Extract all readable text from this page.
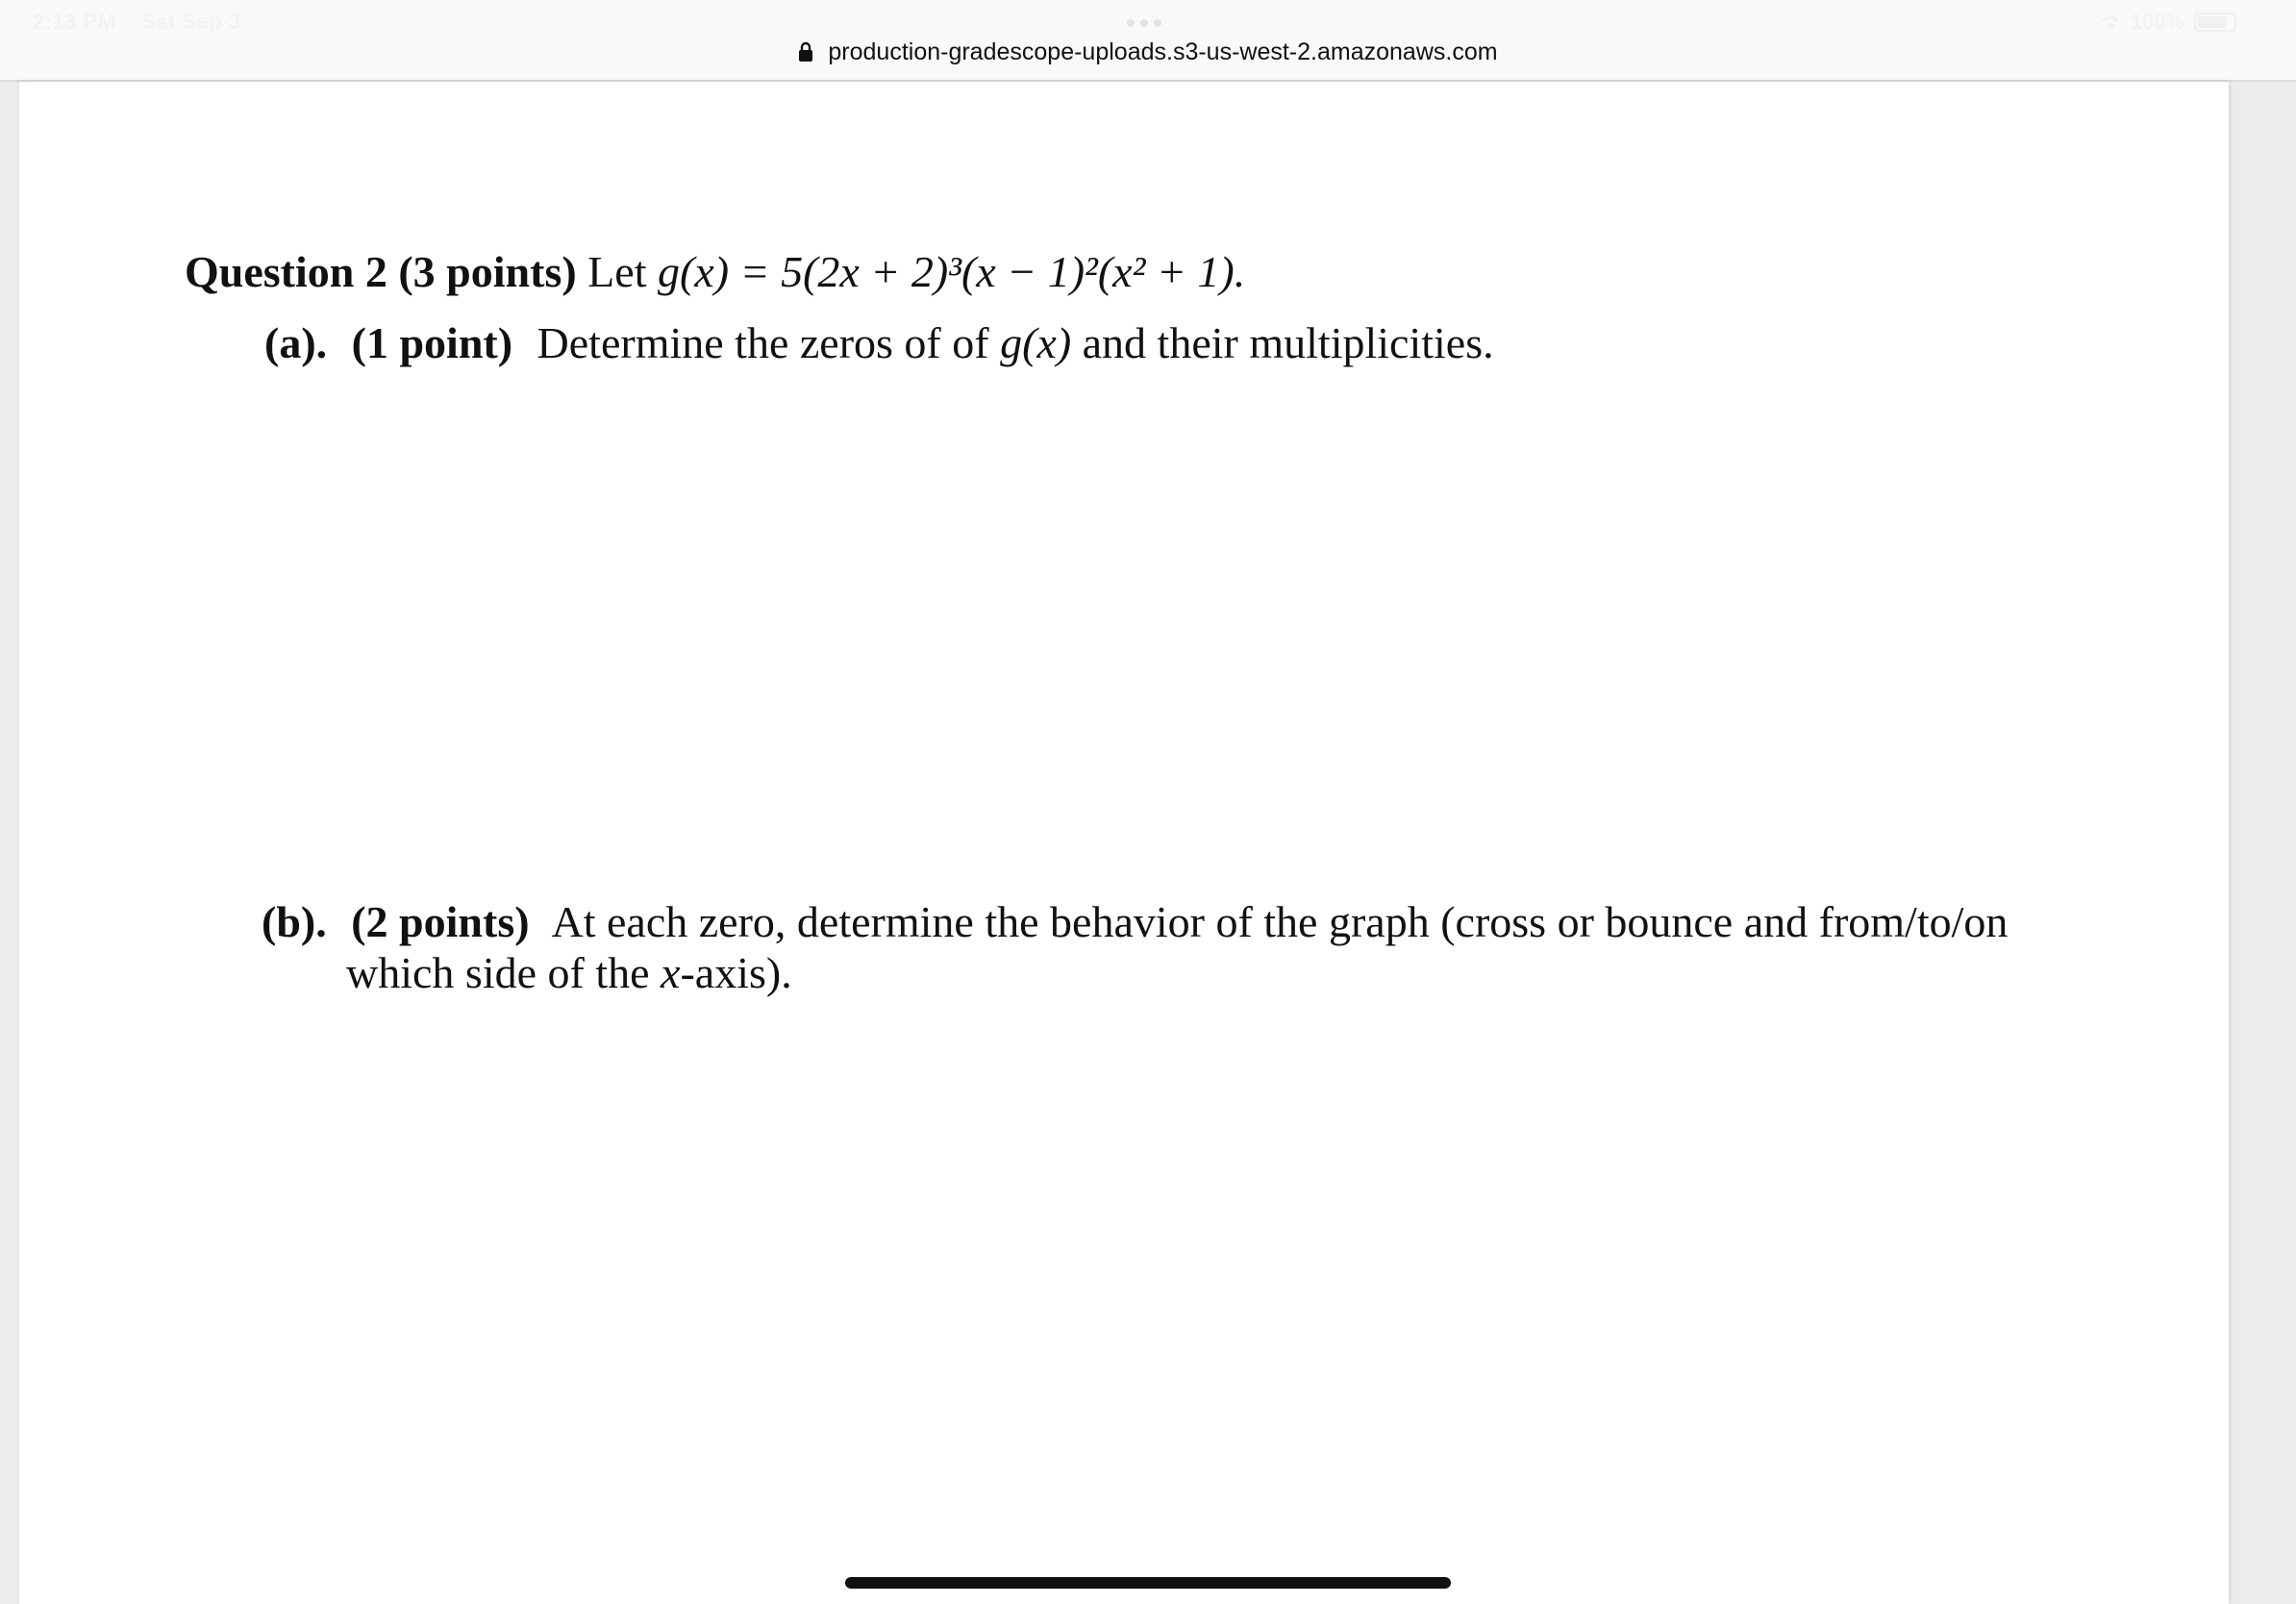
2:13 PM Sat Sep 3	100%
production-gradescope-uploads.s3-us-west-2.amazonaws.com
Question 2 (3 points) Let g(x) = 5(2x + 2)³(x − 1)²(x² + 1).
(a). (1 point) Determine the zeros of of g(x) and their multiplicities.
(b). (2 points) At each zero, determine the behavior of the graph (cross or bounce and from/to/on
which side of the x-axis).
